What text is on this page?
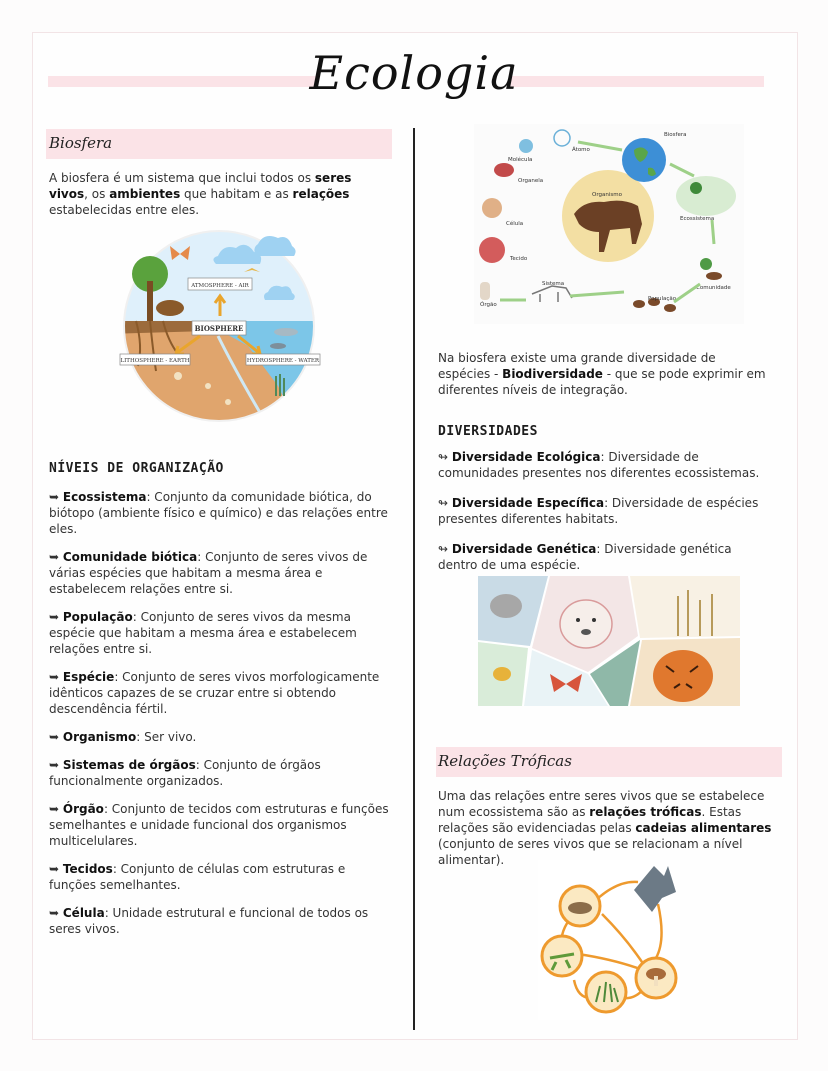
Ecologia
Biosfera
A biosfera é um sistema que inclui todos os seres vivos, os ambientes que habitam e as relações estabelecidas entre eles.
ATMOSPHERE - AIR
BIOSPHERE
LITHOSPHERE - EARTH	HYDROSPHERE - WATER
NÍVEIS DE ORGANIZAÇÃO
➥ Ecossistema: Conjunto da comunidade biótica, do biótopo (ambiente físico e químico) e das relações entre eles.
➥ Comunidade biótica: Conjunto de seres vivos de várias espécies que habitam a mesma área e estabelecem relações entre si.
➥ População: Conjunto de seres vivos da mesma espécie que habitam a mesma área e estabelecem relações entre si.
➥ Espécie: Conjunto de seres vivos morfologicamente idênticos capazes de se cruzar entre si obtendo descendência fértil.
➥ Organismo: Ser vivo.
➥ Sistemas de órgãos: Conjunto de órgãos funcionalmente organizados.
➥ Órgão: Conjunto de tecidos com estruturas e funções semelhantes e unidade funcional dos organismos multicelulares.
➥ Tecidos: Conjunto de células com estruturas e funções semelhantes.
➥ Célula: Unidade estrutural e funcional de todos os seres vivos.
Átomo
Molécula
Organela
Célula
Tecido
Órgão
Sistema
Organismo
População
Comunidade
Ecossistema
Biosfera
Na biosfera existe uma grande diversidade de espécies - Biodiversidade - que se pode exprimir em diferentes níveis de integração.
DIVERSIDADES
↬ Diversidade Ecológica: Diversidade de comunidades presentes nos diferentes ecossistemas.
↬ Diversidade Específica: Diversidade de espécies presentes diferentes habitats.
↬ Diversidade Genética: Diversidade genética dentro de uma espécie.
Relações Tróficas
Uma das relações entre seres vivos que se estabelece num ecossistema são as relações tróficas. Estas relações são evidenciadas pelas cadeias alimentares (conjunto de seres vivos que se relacionam a nível alimentar).
